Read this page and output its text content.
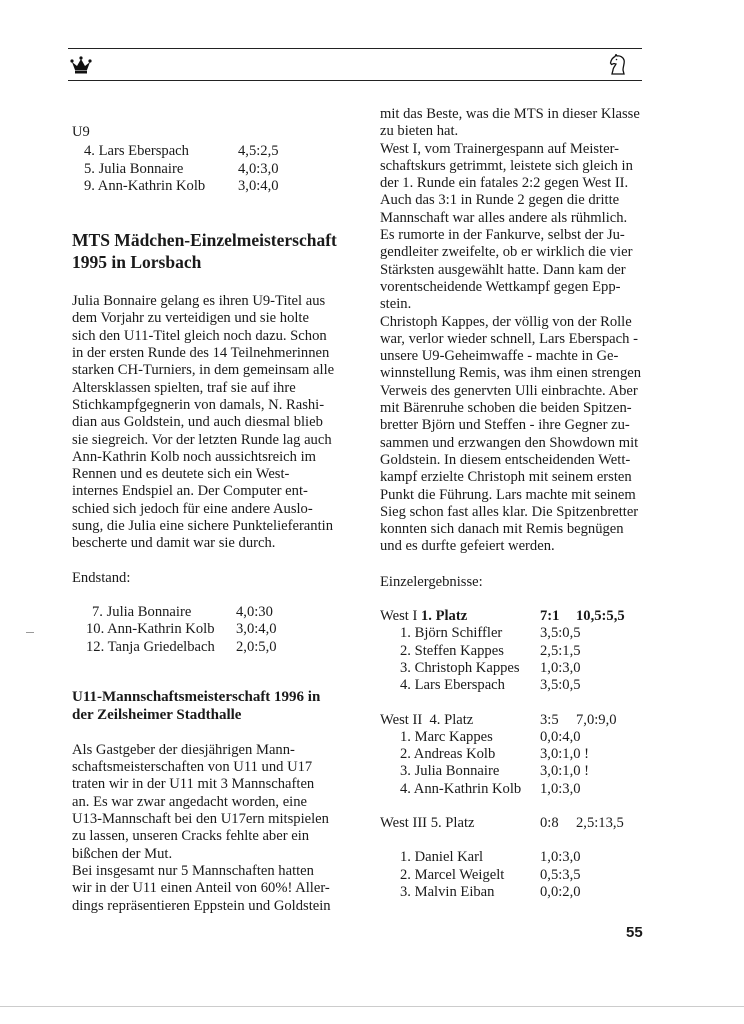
U9

4. Lars Eberspach	4,5:2,5
5. Julia Bonnaire	4,0:3,0
9. Ann-Kathrin Kolb	3,0:4,0

MTS Mädchen-Einzelmeisterschaft

1995 in Lorsbach

Julia Bonnaire gelang es ihren U9-Titel aus

dem Vorjahr zu verteidigen und sie holte

sich den U11-Titel gleich noch dazu. Schon

in der ersten Runde des 14 Teilnehmerinnen

starken CH-Turniers, in dem gemeinsam alle

Altersklassen spielten, traf sie auf ihre

Stichkampfgegnerin von damals, N. Rashi-

dian aus Goldstein, und auch diesmal blieb

sie siegreich. Vor der letzten Runde lag auch

Ann-Kathrin Kolb noch aussichtsreich im

Rennen und es deutete sich ein West-

internes Endspiel an. Der Computer ent-

schied sich jedoch für eine andere Auslo-

sung, die Julia eine sichere Punktelieferantin

bescherte und damit war sie durch.

Endstand:

7. Julia Bonnaire	4,0:30
10. Ann-Kathrin Kolb	3,0:4,0
12. Tanja Griedelbach	2,0:5,0

U11-Mannschaftsmeisterschaft 1996 in

der Zeilsheimer Stadthalle

Als Gastgeber der diesjährigen Mann-

schaftsmeisterschaften von U11 und U17

traten wir in der U11 mit 3 Mannschaften

an. Es war zwar angedacht worden, eine

U13-Mannschaft bei den U17ern mitspielen

zu lassen, unseren Cracks fehlte aber ein

bißchen der Mut.

Bei insgesamt nur 5 Mannschaften hatten

wir in der U11 einen Anteil von 60%! Aller-

dings repräsentieren Eppstein und Goldstein

mit das Beste, was die MTS in dieser Klasse

zu bieten hat.

West I, vom Trainergespann auf Meister-

schaftskurs getrimmt, leistete sich gleich in

der 1. Runde ein fatales 2:2 gegen West II.

Auch das 3:1 in Runde 2 gegen die dritte

Mannschaft war alles andere als rühmlich.

Es rumorte in der Fankurve, selbst der Ju-

gendleiter zweifelte, ob er wirklich die vier

Stärksten ausgewählt hatte. Dann kam der

vorentscheidende Wettkampf gegen Epp-

stein.

Christoph Kappes, der völlig von der Rolle

war, verlor wieder schnell, Lars Eberspach -

unsere U9-Geheimwaffe - machte in Ge-

winnstellung Remis, was ihm einen strengen

Verweis des genervten Ulli einbrachte. Aber

mit Bärenruhe schoben die beiden Spitzen-

bretter Björn und Steffen - ihre Gegner zu-

sammen und erzwangen den Showdown mit

Goldstein. In diesem entscheidenden Wett-

kampf erzielte Christoph mit seinem ersten

Punkt die Führung. Lars machte mit seinem

Sieg schon fast alles klar. Die Spitzenbretter

konnten sich danach mit Remis begnügen

und es durfte gefeiert werden.

Einzelergebnisse:

West I 1. Platz	7:1	10,5:5,5
1. Björn Schiffler	3,5:0,5
2. Steffen Kappes	2,5:1,5
3. Christoph Kappes	1,0:3,0
4. Lars Eberspach	3,5:0,5
West II 4. Platz	3:5	7,0:9,0
1. Marc Kappes	0,0:4,0
2. Andreas Kolb	3,0:1,0 !
3. Julia Bonnaire	3,0:1,0 !
4. Ann-Kathrin Kolb	1,0:3,0
West III 5. Platz	0:8	2,5:13,5
1. Daniel Karl	1,0:3,0
2. Marcel Weigelt	0,5:3,5
3. Malvin Eiban	0,0:2,0
55
